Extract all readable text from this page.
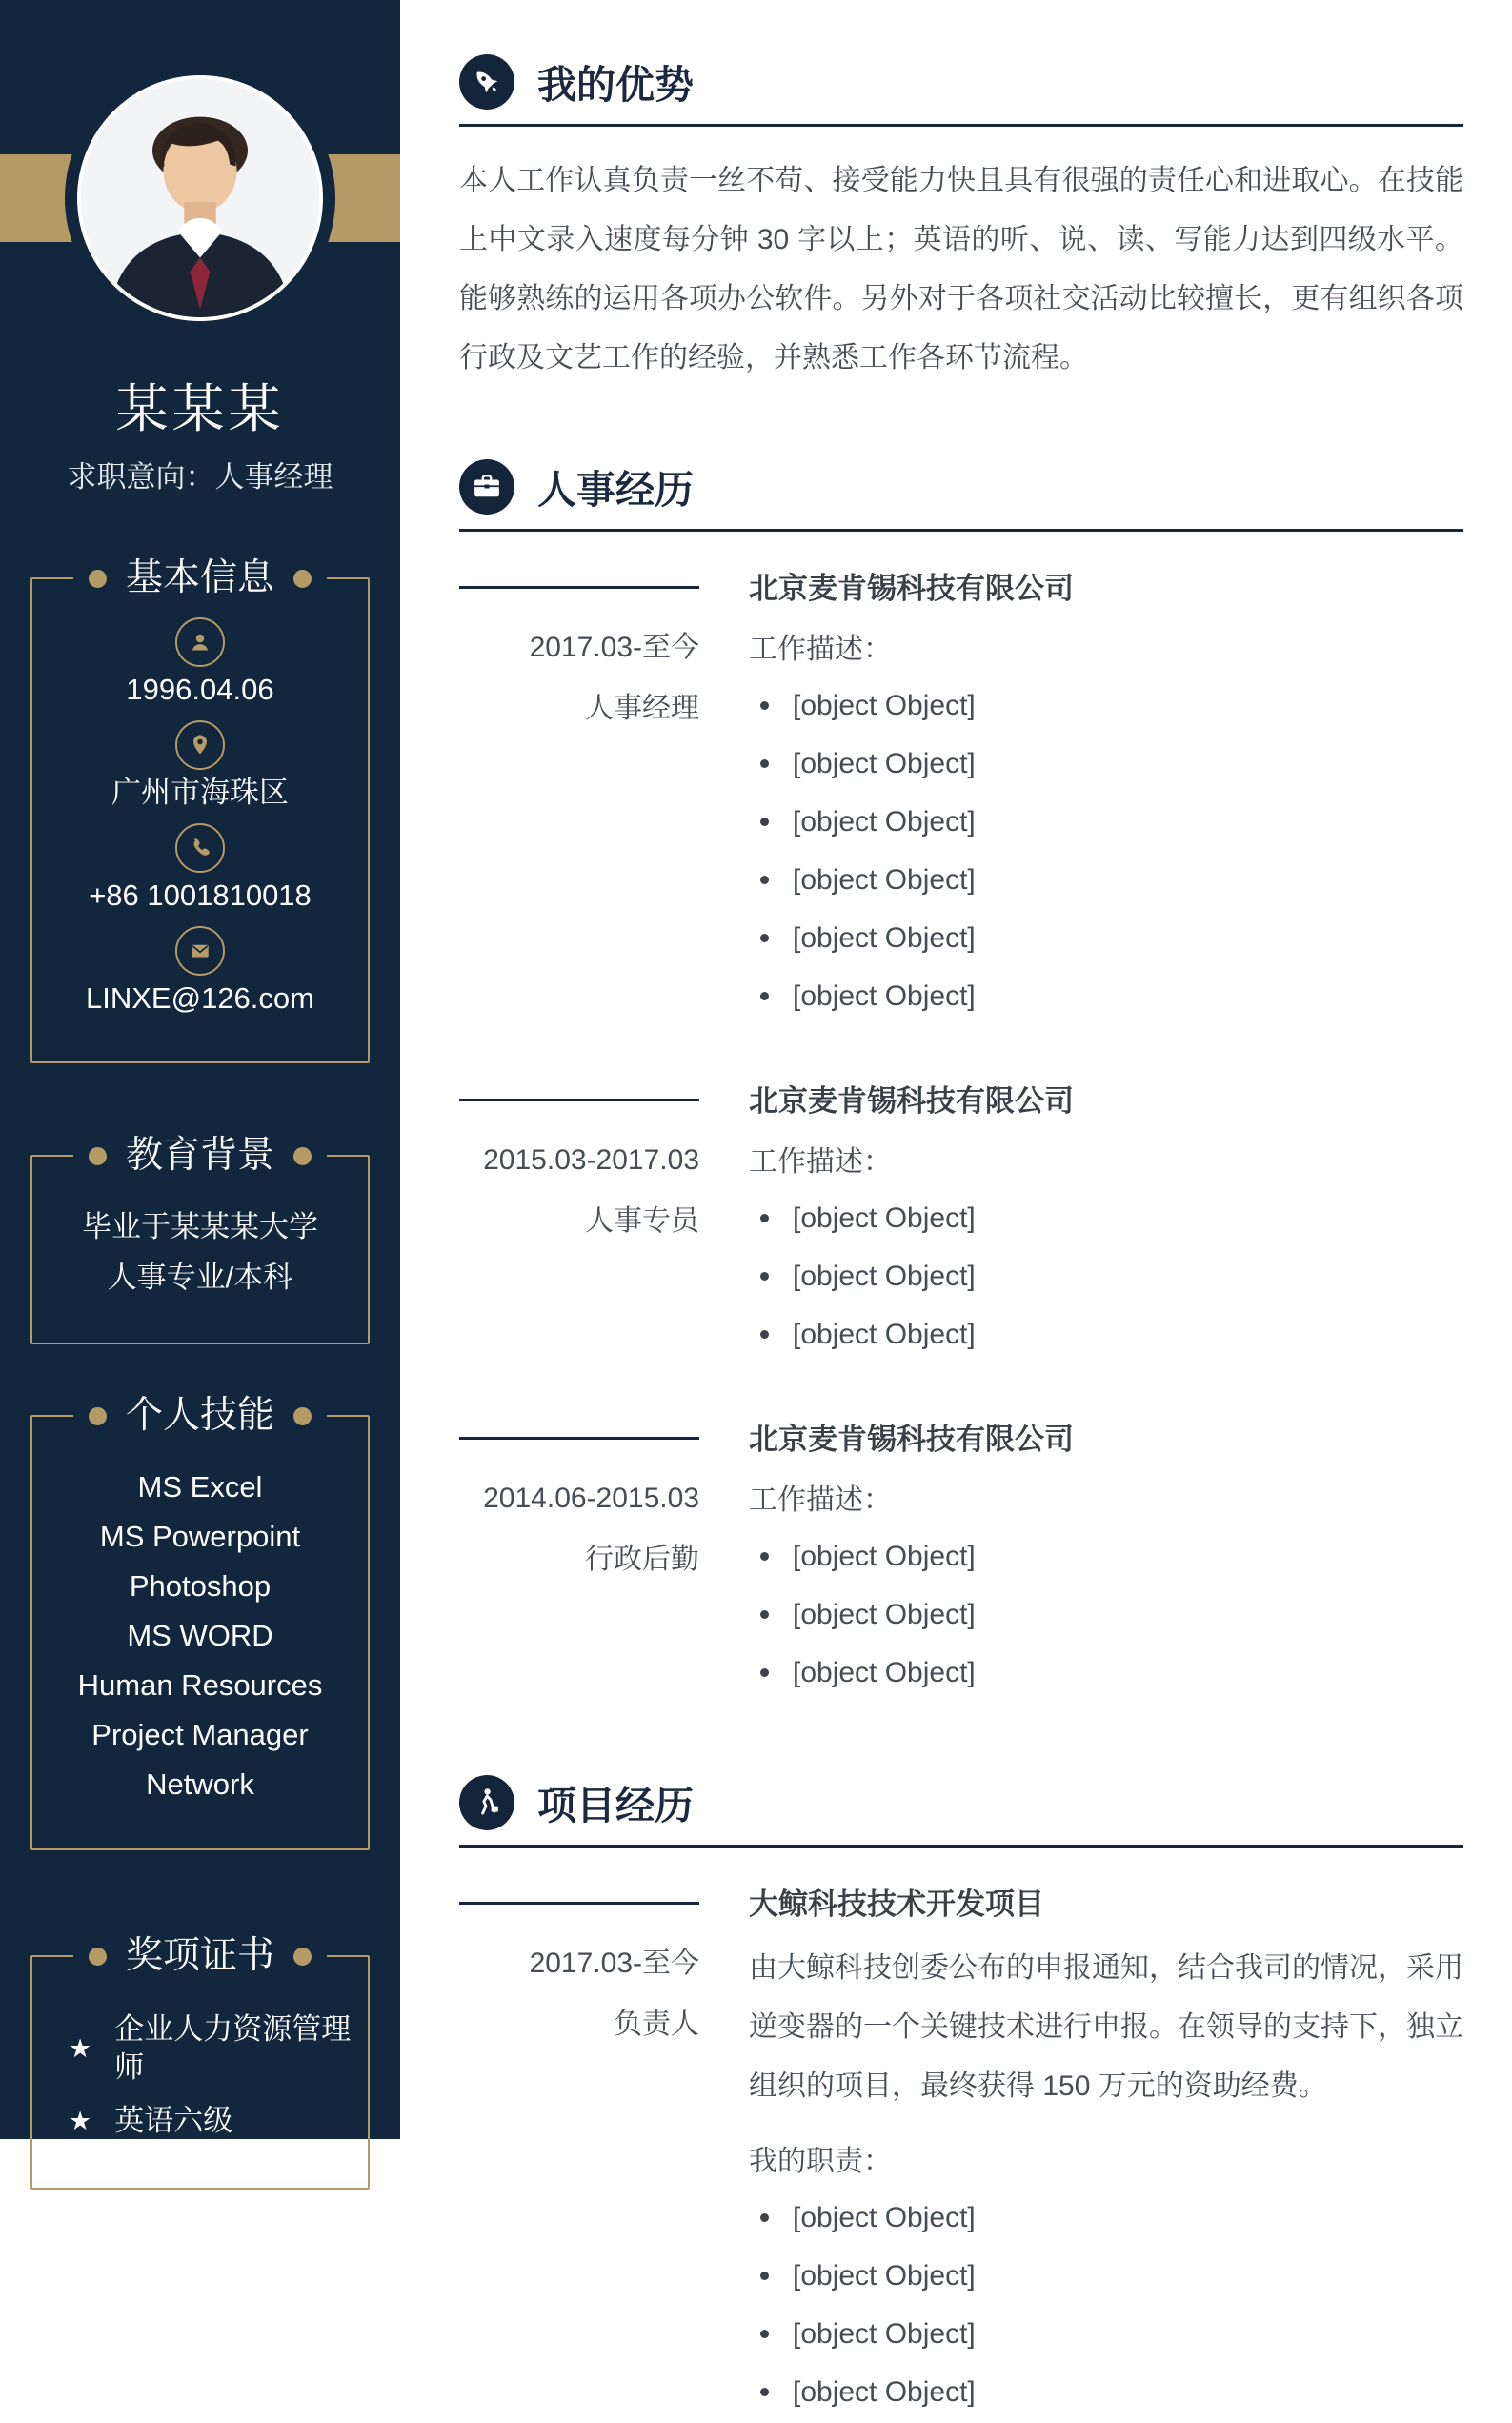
某某某
求职意向：人事经理
基本信息
1996.04.06
广州市海珠区
+86 1001810018
LINXE@126.com
教育背景
毕业于某某某大学
人事专业/本科
个人技能
MS Excel
MS Powerpoint
Photoshop
MS WORD
Human Resources
Project Manager
Network
奖项证书
★
企业人力资源管理师
★ 英语六级
我的优势

本人工作认真负责一丝不苟、接受能力快且具有很强的责任心和进取心。在技能上中文录入速度每分钟 30 字以上；英语的听、说、读、写能力达到四级水平。能够熟练的运用各项办公软件。另外对于各项社交活动比较擅长，更有组织各项行政及文艺工作的经验，并熟悉工作各环节流程。

人事经历
2017.03-至今
人事经理
北京麦肯锡科技有限公司
工作描述：
[object Object]
[object Object]
[object Object]
[object Object]
[object Object]
[object Object]
2015.03-2017.03
人事专员
北京麦肯锡科技有限公司
工作描述：
[object Object]
[object Object]
[object Object]
2014.06-2015.03
行政后勤
北京麦肯锡科技有限公司
工作描述：
[object Object]
[object Object]
[object Object]
项目经历
2017.03-至今
负责人
大鲸科技技术开发项目

由大鲸科技创委公布的申报通知，结合我司的情况，采用逆变器的一个关键技术进行申报。在领导的支持下，独立组织的项目，最终获得 150 万元的资助经费。

我的职责：
[object Object]
[object Object]
[object Object]
[object Object]
